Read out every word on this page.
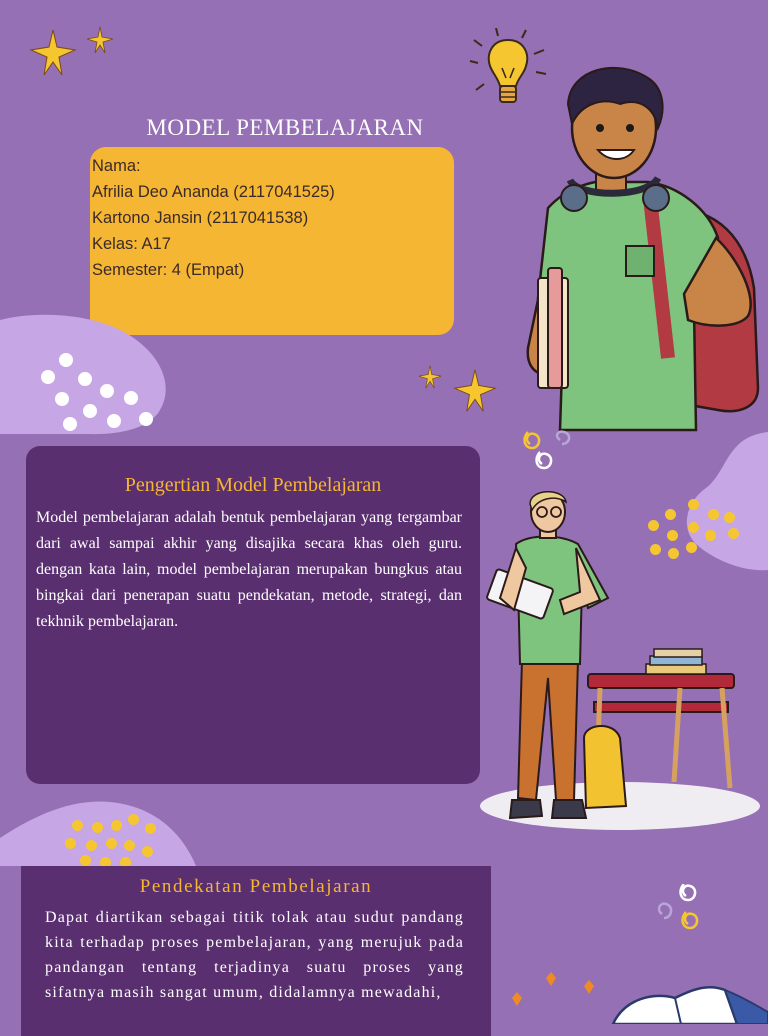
MODEL PEMBELAJARAN
Nama:
Afrilia Deo Ananda (2117041525)
Kartono Jansin (2117041538)
Kelas: A17
Semester: 4 (Empat)
Pengertian Model Pembelajaran
Model pembelajaran adalah bentuk pembelajaran yang tergambar dari awal sampai akhir yang disajika secara khas oleh guru. dengan kata lain, model pembelajaran merupakan bungkus atau bingkai dari penerapan suatu pendekatan, metode, strategi, dan tekhnik pembelajaran.
Pendekatan Pembelajaran
Dapat diartikan sebagai titik tolak atau sudut pandang kita terhadap proses pembelajaran, yang merujuk pada pandangan tentang terjadinya suatu proses yang sifatnya masih sangat umum, didalamnya mewadahi,
